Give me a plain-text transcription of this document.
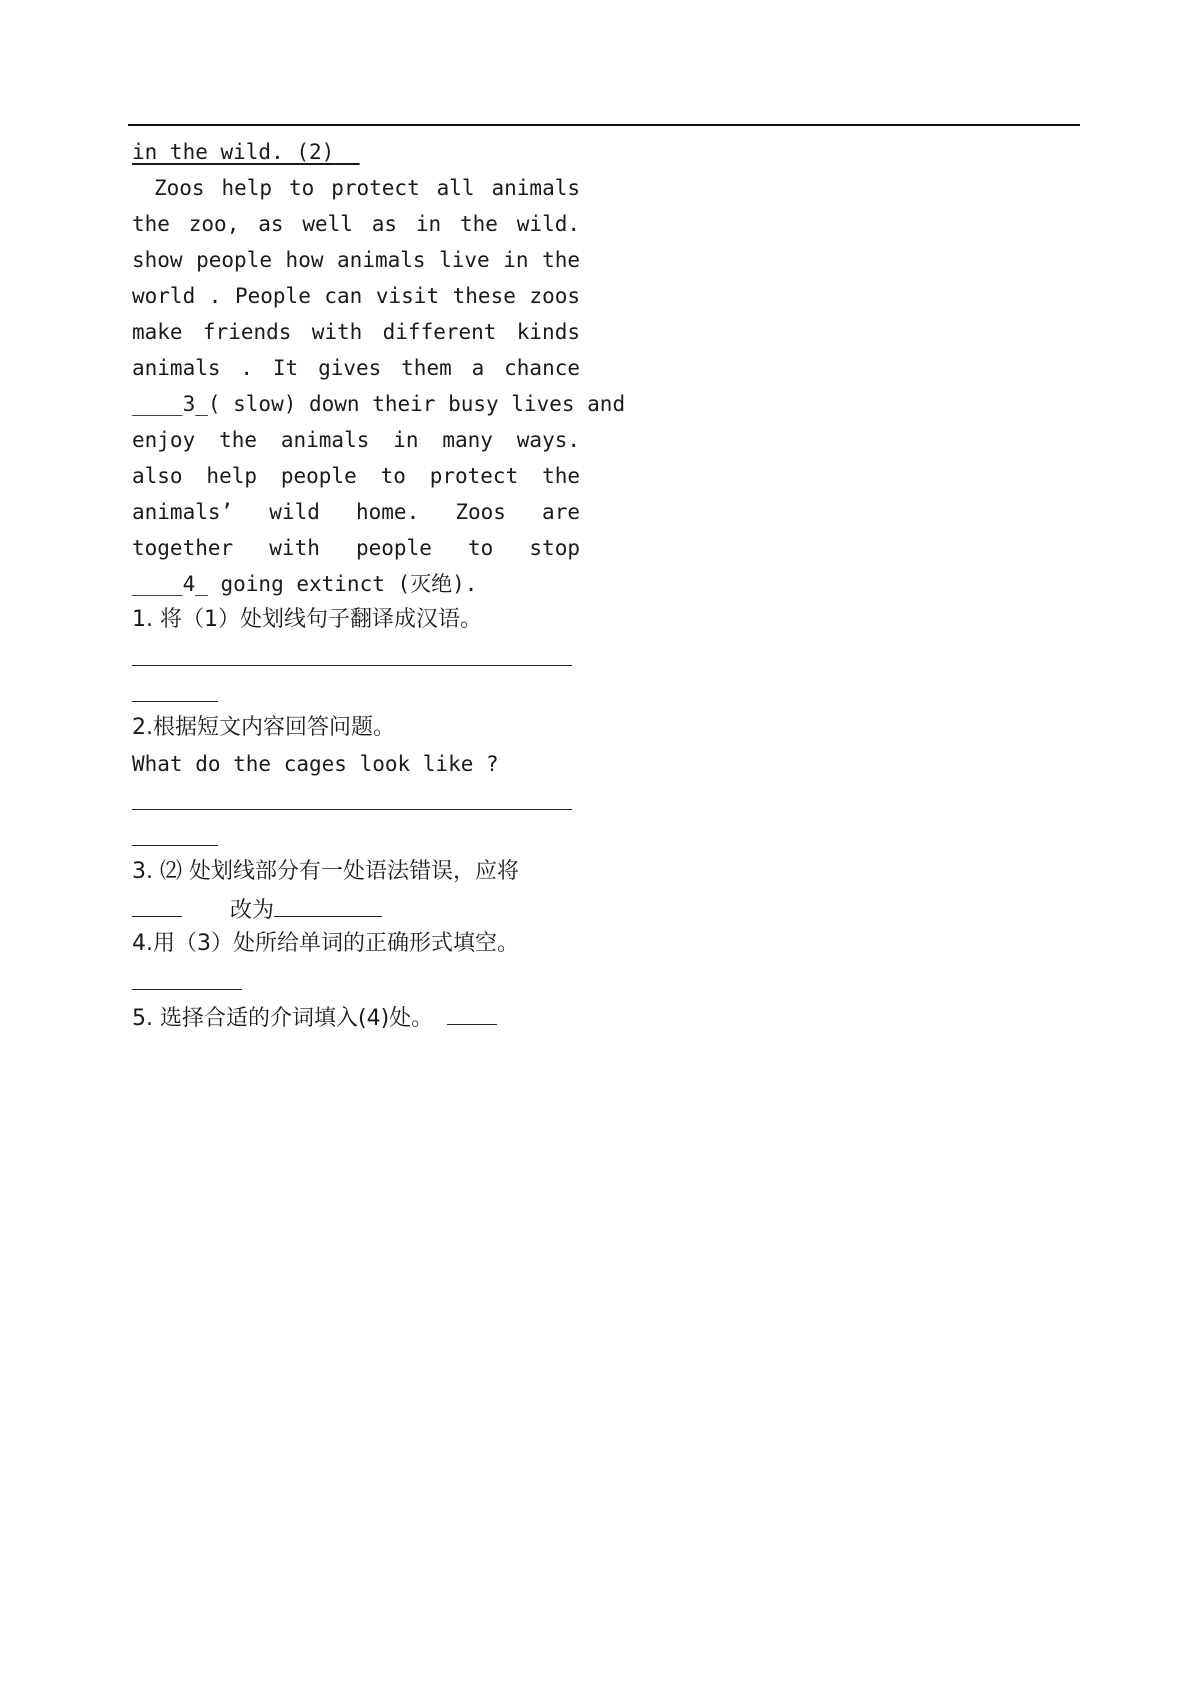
in the wild. (2)
Zoos help to protect all animals
the zoo, as well as in the wild.
show people how animals live in the
world . People can visit these zoos
make friends with different kinds
animals . It gives them a chance
____3_ ( slow) down their busy lives and
enjoy the animals in many ways.
also help people to protect the
animals’ wild home. Zoos are
together with people to stop
____4_ going extinct (灭绝).
1. 将（1）处划线句子翻译成汉语。
2.根据短文内容回答问题。
What do the cages look like ?
3. ⑵ 处划线部分有一处语法错误，应将
改为
4.用（3）处所给单词的正确形式填空。
5. 选择合适的介词填入(4)处。
